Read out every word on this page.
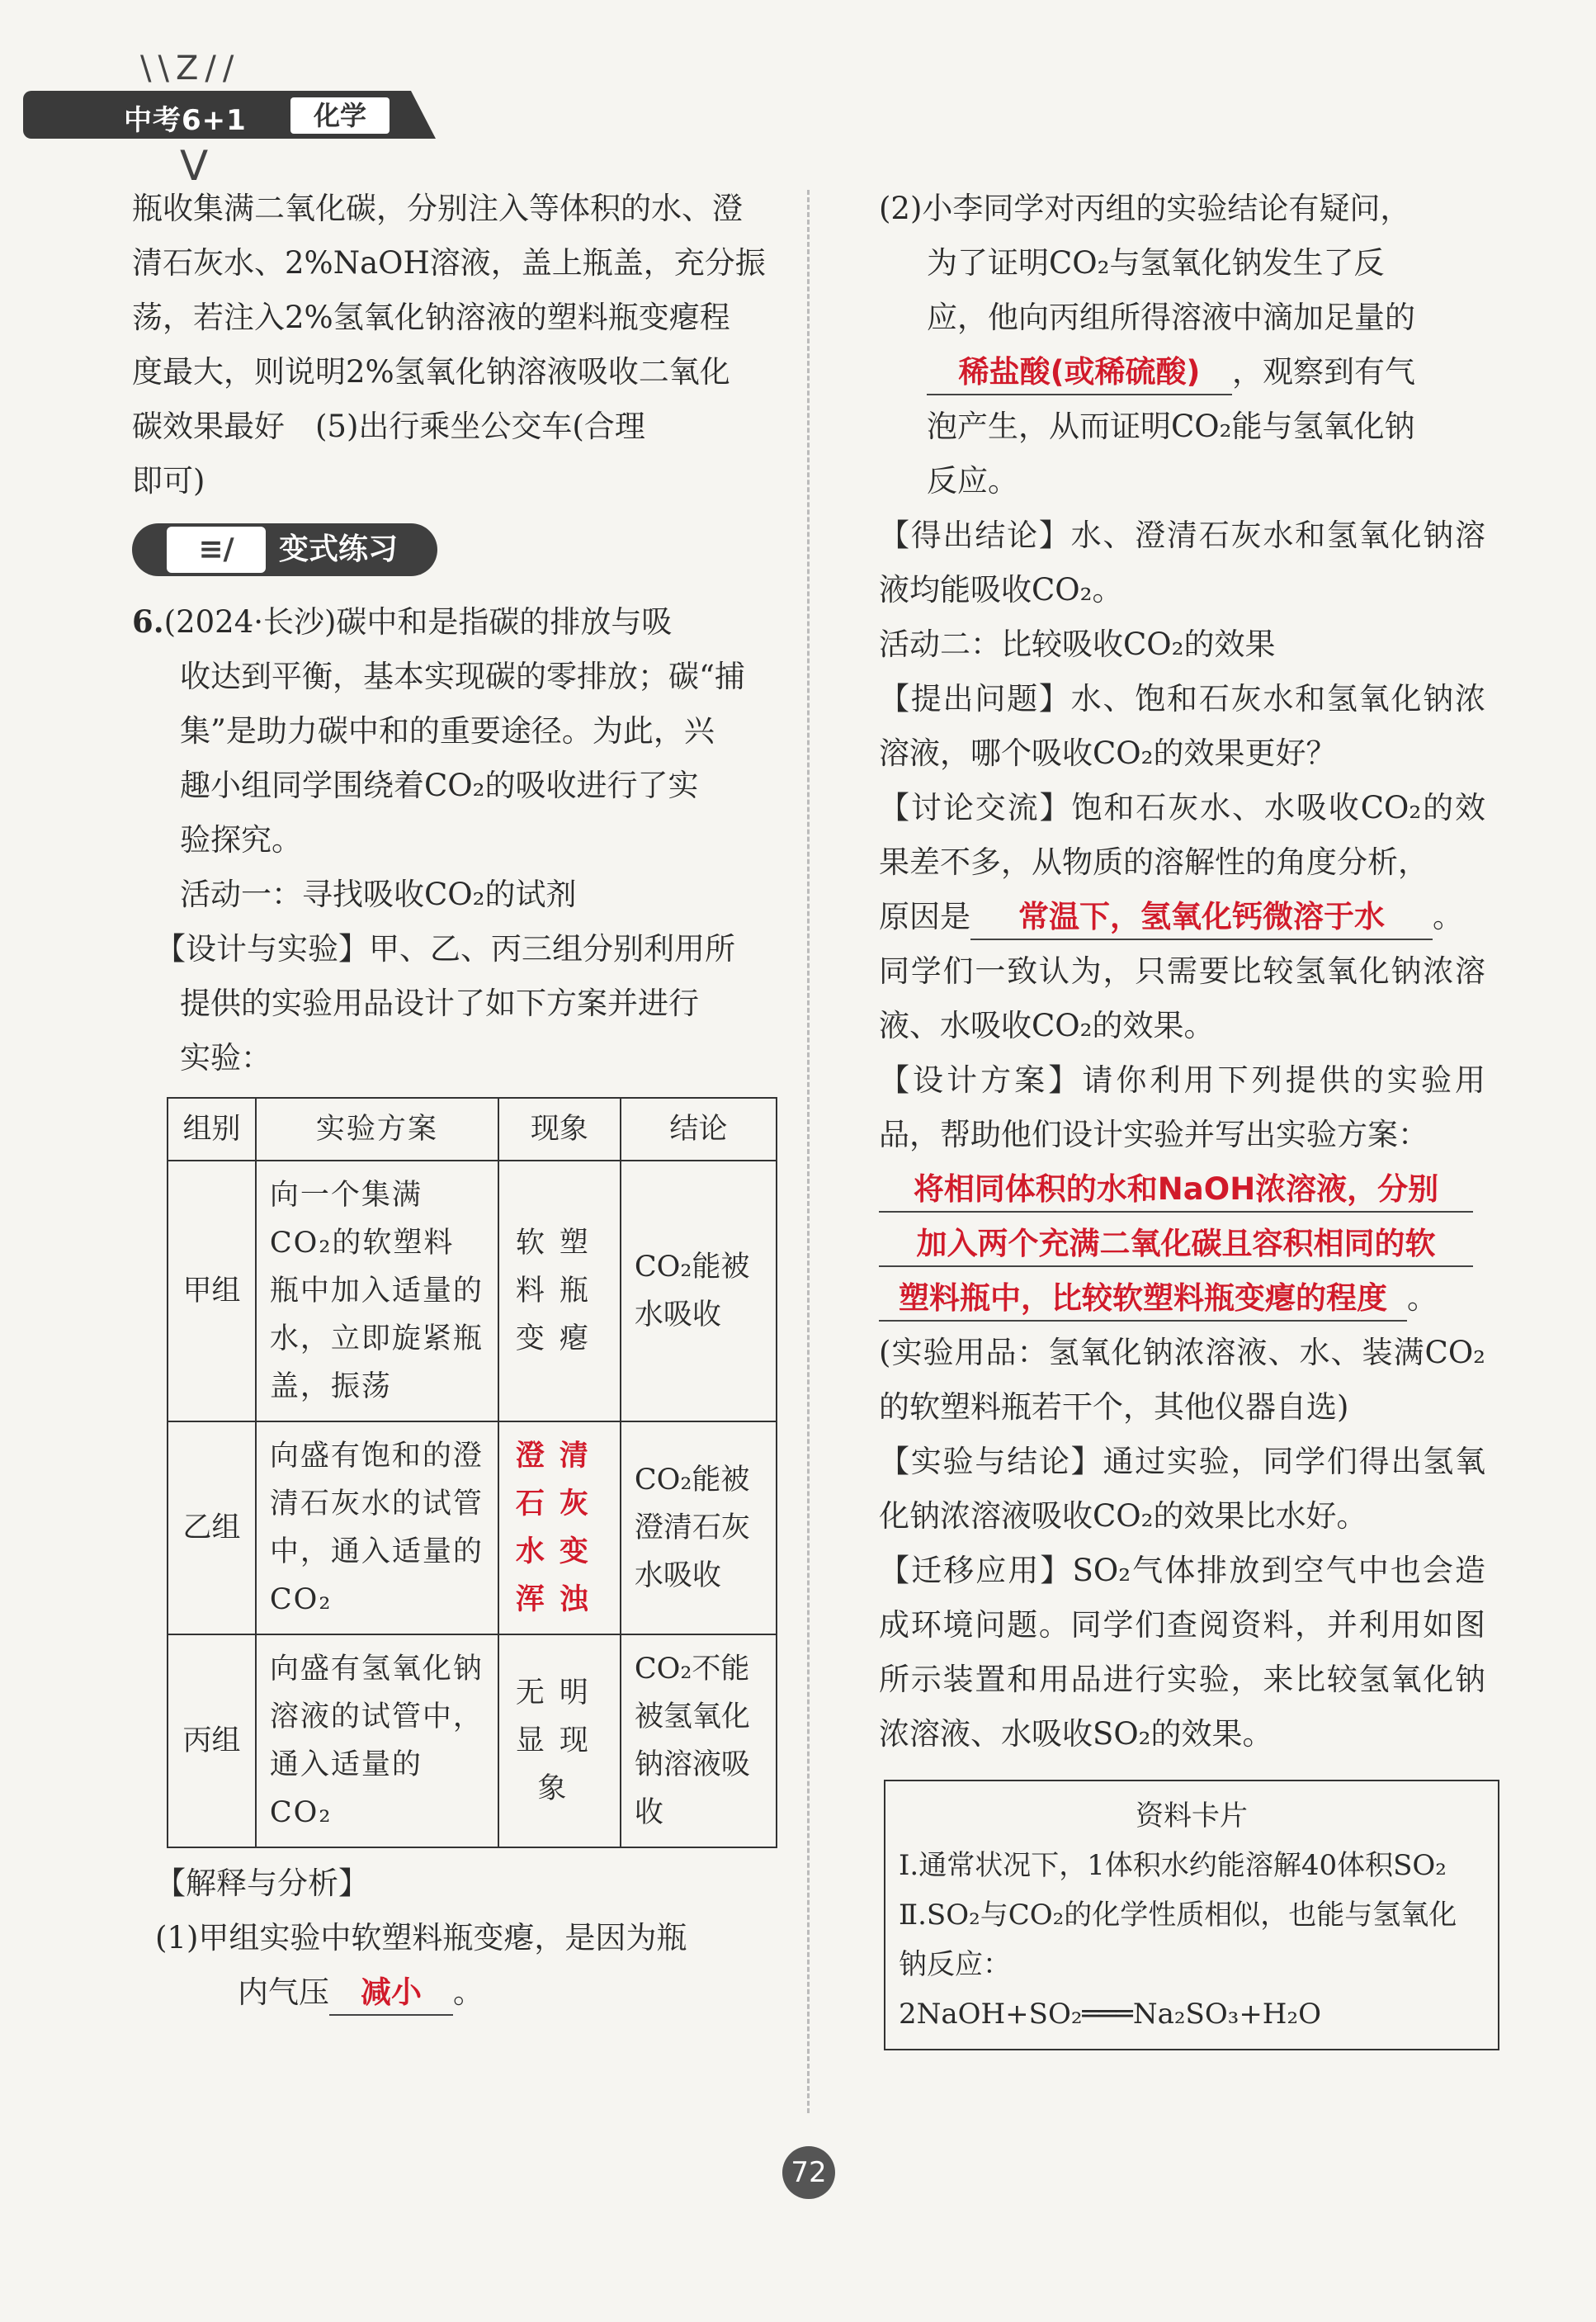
\\Z//
中考6+1	化学
V

瓶收集满二氧化碳，分别注入等体积的水、澄

清石灰水、2%NaOH溶液，盖上瓶盖，充分振

荡，若注入2%氢氧化钠溶液的塑料瓶变瘪程

度最大，则说明2%氢氧化钠溶液吸收二氧化

碳效果最好　(5)出行乘坐公交车(合理

即可)

≡/	变式练习

6.(2024·长沙)碳中和是指碳的排放与吸

收达到平衡，基本实现碳的零排放；碳“捕

集”是助力碳中和的重要途径。为此，兴

趣小组同学围绕着CO₂的吸收进行了实

验探究。

活动一：寻找吸收CO₂的试剂

【设计与实验】甲、乙、丙三组分别利用所

提供的实验用品设计了如下方案并进行

实验：

组别	实验方案	现象	结论
甲组	向一个集满CO₂的软塑料瓶中加入适量的水，立即旋紧瓶盖，振荡	软塑料瓶变瘪	CO₂能被水吸收
乙组	向盛有饱和的澄清石灰水的试管中，通入适量的CO₂	澄清石灰水变浑浊	CO₂能被澄清石灰水吸收
丙组	向盛有氢氧化钠溶液的试管中，通入适量的CO₂	无明显现象	CO₂不能被氢氧化钠溶液吸收

【解释与分析】

(1)甲组实验中软塑料瓶变瘪，是因为瓶

内气压 减小 。

(2)小李同学对丙组的实验结论有疑问，

为了证明CO₂与氢氧化钠发生了反

应，他向丙组所得溶液中滴加足量的

稀盐酸(或稀硫酸) ，观察到有气

泡产生，从而证明CO₂能与氢氧化钠

反应。

【得出结论】水、澄清石灰水和氢氧化钠溶液均能吸收CO₂。

活动二：比较吸收CO₂的效果

【提出问题】水、饱和石灰水和氢氧化钠浓溶液，哪个吸收CO₂的效果更好？

【讨论交流】饱和石灰水、水吸收CO₂的效果差不多，从物质的溶解性的角度分析，

原因是 常温下，氢氧化钙微溶于水 。

同学们一致认为，只需要比较氢氧化钠浓溶液、水吸收CO₂的效果。

【设计方案】请你利用下列提供的实验用品，帮助他们设计实验并写出实验方案：

将相同体积的水和NaOH浓溶液，分别

加入两个充满二氧化碳且容积相同的软

塑料瓶中，比较软塑料瓶变瘪的程度 。

(实验用品：氢氧化钠浓溶液、水、装满CO₂的软塑料瓶若干个，其他仪器自选)

【实验与结论】通过实验，同学们得出氢氧化钠浓溶液吸收CO₂的效果比水好。

【迁移应用】SO₂气体排放到空气中也会造成环境问题。同学们查阅资料，并利用如图所示装置和用品进行实验，来比较氢氧化钠浓溶液、水吸收SO₂的效果。

资料卡片
Ⅰ.通常状况下，1体积水约能溶解40体积SO₂
Ⅱ.SO₂与CO₂的化学性质相似，也能与氢氧化钠反应：
2NaOH+SO₂═══Na₂SO₃+H₂O
72
